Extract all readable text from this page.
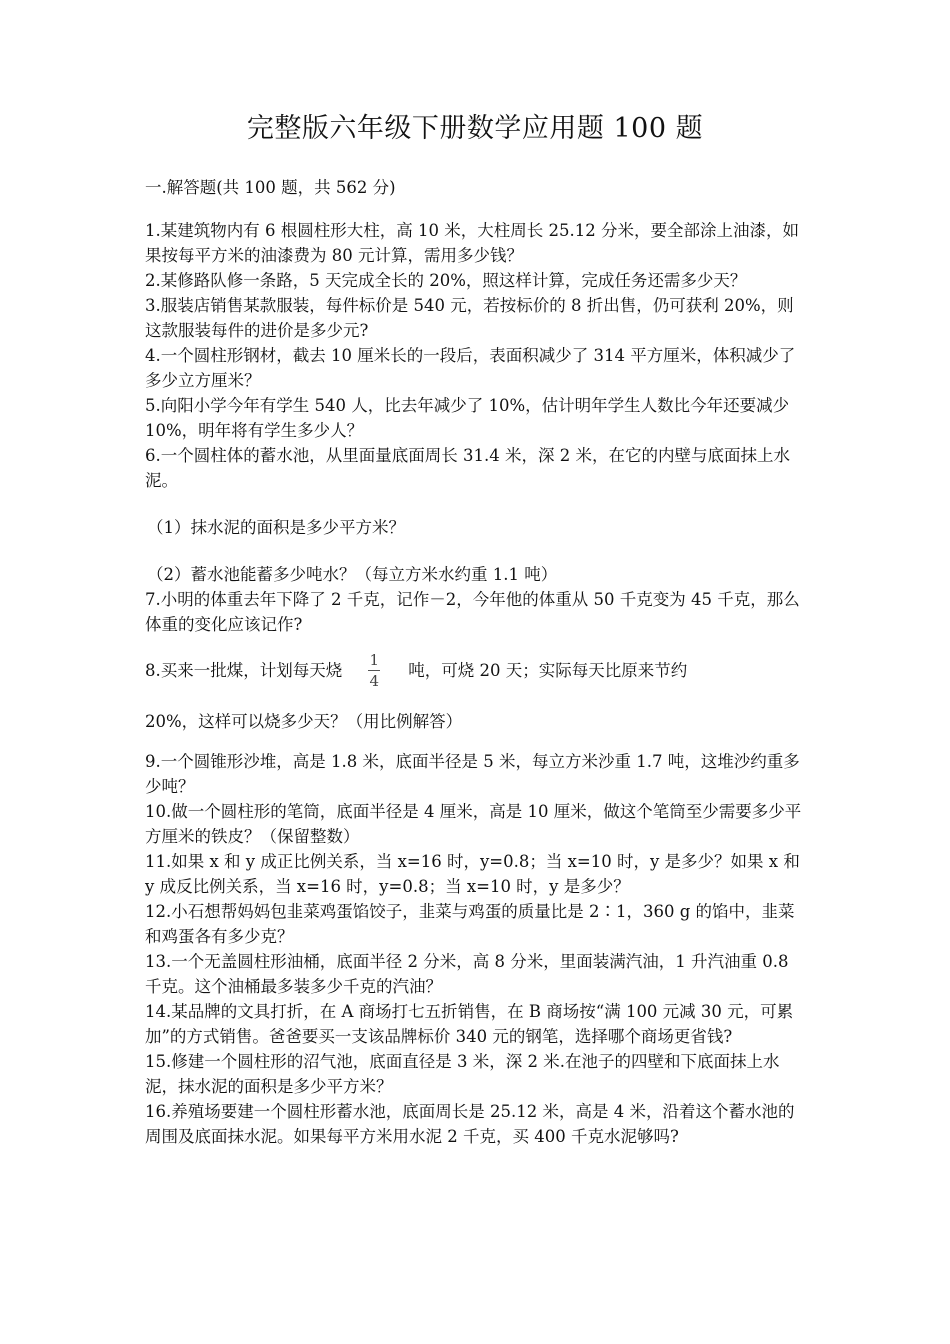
完整版六年级下册数学应用题 100 题
一.解答题(共 100 题，共 562 分)

1.某建筑物内有 6 根圆柱形大柱，高 10 米，大柱周长 25.12 分米，要全部涂上油漆，如果按每平方米的油漆费为 80 元计算，需用多少钱？

2.某修路队修一条路，5 天完成全长的 20%，照这样计算，完成任务还需多少天？

3.服装店销售某款服装，每件标价是 540 元，若按标价的 8 折出售，仍可获利 20%，则这款服装每件的进价是多少元?

4.一个圆柱形钢材，截去 10 厘米长的一段后，表面积减少了 314 平方厘米，体积减少了多少立方厘米？

5.向阳小学今年有学生 540 人，比去年减少了 10%，估计明年学生人数比今年还要减少 10%，明年将有学生多少人？

6.一个圆柱体的蓄水池，从里面量底面周长 31.4 米，深 2 米，在它的内壁与底面抹上水泥。

（1）抹水泥的面积是多少平方米？

（2）蓄水池能蓄多少吨水？（每立方米水约重 1.1 吨）

7.小明的体重去年下降了 2 千克，记作－2，今年他的体重从 50 千克变为 45 千克，那么体重的变化应该记作?

8.买来一批煤，计划每天烧 $\frac{1}{4}$ 吨，可烧 20 天；实际每天比原来节约

20%，这样可以烧多少天？（用比例解答）

9.一个圆锥形沙堆，高是 1.8 米，底面半径是 5 米，每立方米沙重 1.7 吨，这堆沙约重多少吨？

10.做一个圆柱形的笔筒，底面半径是 4 厘米，高是 10 厘米，做这个笔筒至少需要多少平方厘米的铁皮？（保留整数）

11.如果 x 和 y 成正比例关系，当 x=16 时，y=0.8；当 x=10 时，y 是多少？如果 x 和 y 成反比例关系，当 x=16 时，y=0.8；当 x=10 时，y 是多少？

12.小石想帮妈妈包韭菜鸡蛋馅饺子，韭菜与鸡蛋的质量比是 2∶1，360 g 的馅中，韭菜和鸡蛋各有多少克？

13.一个无盖圆柱形油桶，底面半径 2 分米，高 8 分米，里面装满汽油，1 升汽油重 0.8 千克。这个油桶最多装多少千克的汽油？

14.某品牌的文具打折，在 A 商场打七五折销售，在 B 商场按“满 100 元减 30 元，可累加”的方式销售。爸爸要买一支该品牌标价 340 元的钢笔，选择哪个商场更省钱?

15.修建一个圆柱形的沼气池，底面直径是 3 米，深 2 米.在池子的四壁和下底面抹上水泥，抹水泥的面积是多少平方米？

16.养殖场要建一个圆柱形蓄水池，底面周长是 25.12 米，高是 4 米，沿着这个蓄水池的周围及底面抹水泥。如果每平方米用水泥 2 千克，买 400 千克水泥够吗?
